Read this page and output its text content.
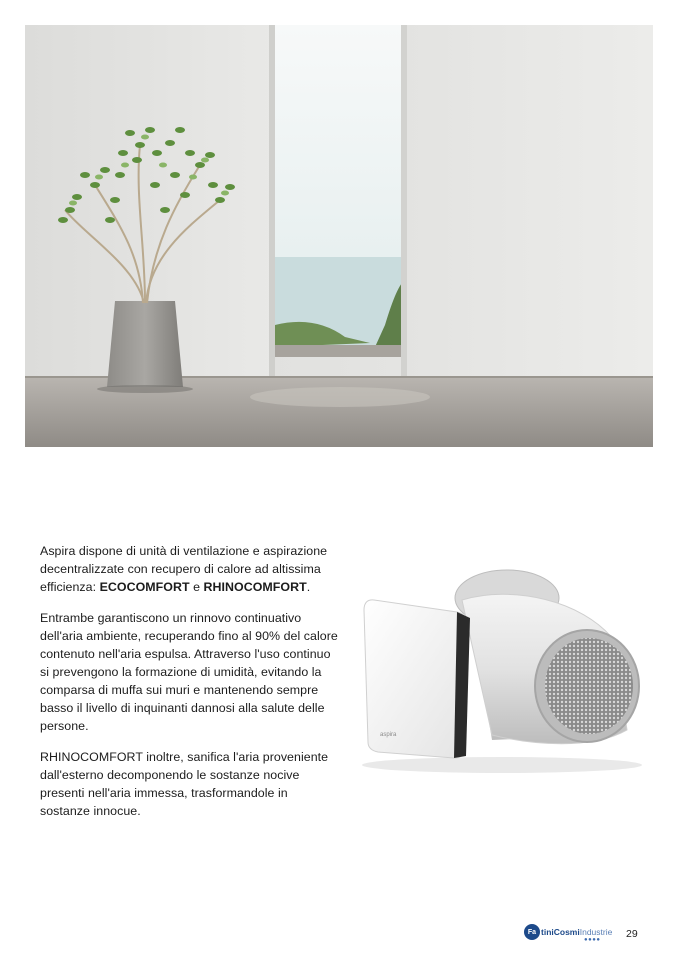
Aspira dispone di unità di ventilazione e aspirazione decentralizzate con recupero di calore ad altissima efficienza: ECOCOMFORT e RHINOCOMFORT.

Entrambe garantiscono un rinnovo continuativo dell'aria ambiente, recuperando fino al 90% del calore contenuto nell'aria espulsa. Attraverso l'uso continuo si prevengono la formazione di umidità, evitando la comparsa di muffa sui muri e mantenendo sempre basso il livello di inquinanti dannosi alla salute delle persone.

RHINOCOMFORT inoltre, sanifica l'aria proveniente dall'esterno decomponendo le sostanze nocive presenti nell'aria immessa, trasformandole in sostanze innocue.

aspira
Fa tiniCosmiIndustrie
●●●● 29
